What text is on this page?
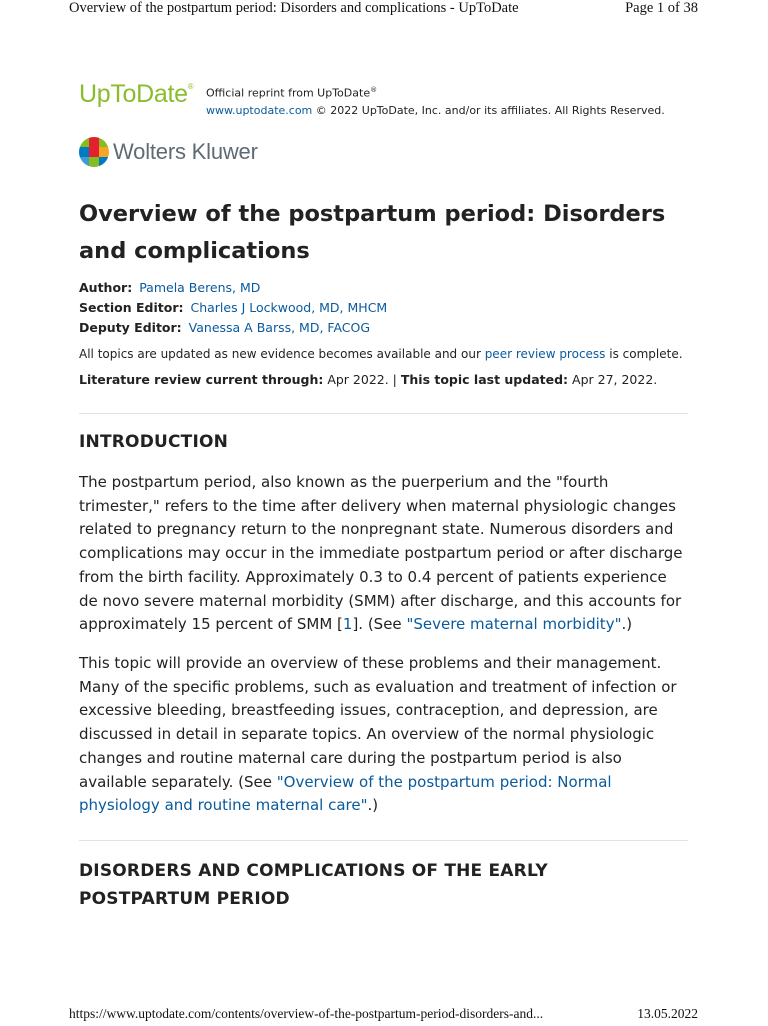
Overview of the postpartum period: Disorders and complications - UpToDate	Page 1 of 38
UpToDate®
Official reprint from UpToDate®
www.uptodate.com © 2022 UpToDate, Inc. and/or its affiliates. All Rights Reserved.
Wolters Kluwer
Overview of the postpartum period: Disorders and complications
Author: Pamela Berens, MD
Section Editor: Charles J Lockwood, MD, MHCM
Deputy Editor: Vanessa A Barss, MD, FACOG
All topics are updated as new evidence becomes available and our peer review process is complete.
Literature review current through: Apr 2022. | This topic last updated: Apr 27, 2022.
INTRODUCTION

The postpartum period, also known as the puerperium and the "fourth trimester," refers to the time after delivery when maternal physiologic changes related to pregnancy return to the nonpregnant state. Numerous disorders and complications may occur in the immediate postpartum period or after discharge from the birth facility. Approximately 0.3 to 0.4 percent of patients experience de novo severe maternal morbidity (SMM) after discharge, and this accounts for approximately 15 percent of SMM [1]. (See "Severe maternal morbidity".)

This topic will provide an overview of these problems and their management. Many of the specific problems, such as evaluation and treatment of infection or excessive bleeding, breastfeeding issues, contraception, and depression, are discussed in detail in separate topics. An overview of the normal physiologic changes and routine maternal care during the postpartum period is also available separately. (See "Overview of the postpartum period: Normal physiology and routine maternal care".)

DISORDERS AND COMPLICATIONS OF THE EARLY POSTPARTUM PERIOD
https://www.uptodate.com/contents/overview-of-the-postpartum-period-disorders-and...	13.05.2022
